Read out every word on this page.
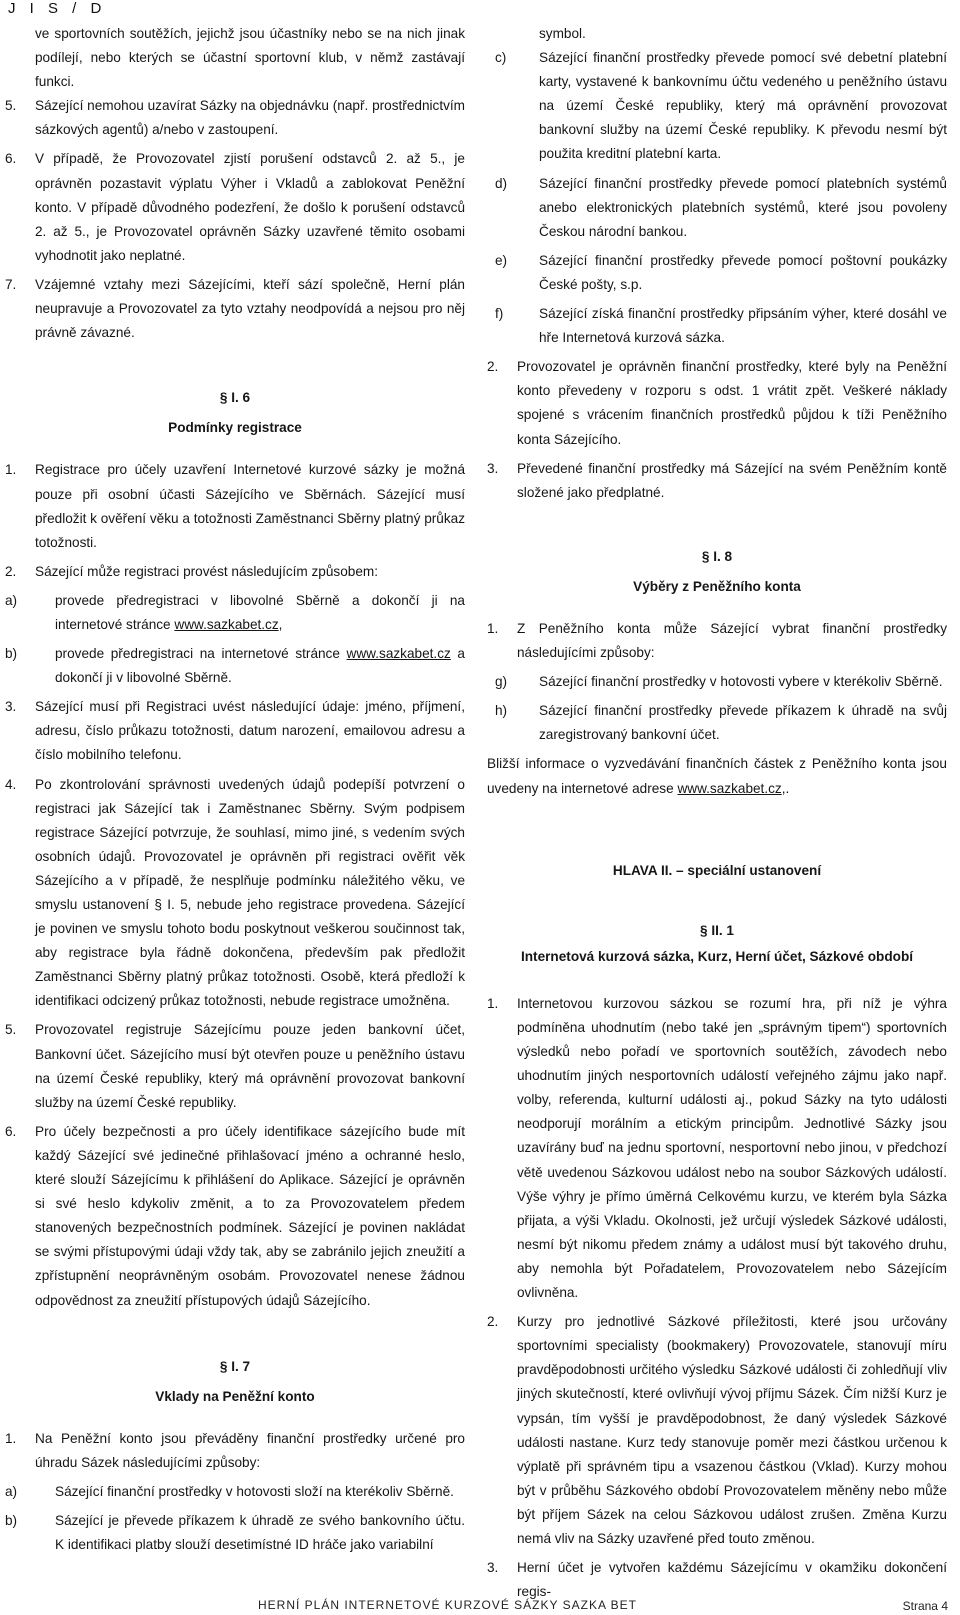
J I S / D

ve sportovních soutěžích, jejichž jsou účastníky nebo se na nich jinak podílejí, nebo kterých se účastní sportovní klub, v němž zastávají funkci.

5.	Sázející nemohou uzavírat Sázky na objednávku (např. prostřednictvím sázkových agentů) a/nebo v zastoupení.
6.	V případě, že Provozovatel zjistí porušení odstavců 2. až 5., je oprávněn pozastavit výplatu Výher i Vkladů a zablokovat Peněžní konto. V případě důvodného podezření, že došlo k porušení odstavců 2. až 5., je Provozovatel oprávněn Sázky uzavřené těmito osobami vyhodnotit jako neplatné.
7.	Vzájemné vztahy mezi Sázejícími, kteří sází společně, Herní plán neupravuje a Provozovatel za tyto vztahy neodpovídá a nejsou pro něj právně závazné.

§ I. 6

Podmínky registrace

1.	Registrace pro účely uzavření Internetové kurzové sázky je možná pouze při osobní účasti Sázejícího ve Sběrnách. Sázející musí předložit k ověření věku a totožnosti Zaměstnanci Sběrny platný průkaz totožnosti.
2.	Sázející může registraci provést následujícím způsobem:
a)	provede předregistraci v libovolné Sběrně a dokončí ji na internetové stránce www.sazkabet.cz,
b)	provede předregistraci na internetové stránce www.sazkabet.cz a dokončí ji v libovolné Sběrně.
3.	Sázející musí při Registraci uvést následující údaje: jméno, příjmení, adresu, číslo průkazu totožnosti, datum narození, emailovou adresu a číslo mobilního telefonu.
4.	Po zkontrolování správnosti uvedených údajů podepíší potvrzení o registraci jak Sázející tak i Zaměstnanec Sběrny. Svým podpisem registrace Sázející potvrzuje, že souhlasí, mimo jiné, s vedením svých osobních údajů. Provozovatel je oprávněn při registraci ověřit věk Sázejícího a v případě, že nesplňuje podmínku náležitého věku, ve smyslu ustanovení § I. 5, nebude jeho registrace provedena. Sázející je povinen ve smyslu tohoto bodu poskytnout veškerou součinnost tak, aby registrace byla řádně dokončena, především pak předložit Zaměstnanci Sběrny platný průkaz totožnosti. Osobě, která předloží k identifikaci odcizený průkaz totožnosti, nebude registrace umožněna.
5.	Provozovatel registruje Sázejícímu pouze jeden bankovní účet, Bankovní účet. Sázejícího musí být otevřen pouze u peněžního ústavu na území České republiky, který má oprávnění provozovat bankovní služby na území České republiky.
6.	Pro účely bezpečnosti a pro účely identifikace sázejícího bude mít každý Sázející své jedinečné přihlašovací jméno a ochranné heslo, které slouží Sázejícímu k přihlášení do Aplikace. Sázející je oprávněn si své heslo kdykoliv změnit, a to za Provozovatelem předem stanovených bezpečnostních podmínek. Sázející je povinen nakládat se svými přístupovými údaji vždy tak, aby se zabránilo jejich zneužití a zpřístupnění neoprávněným osobám. Provozovatel nenese žádnou odpovědnost za zneužití přístupových údajů Sázejícího.

§ I. 7

Vklady na Peněžní konto

1.	Na Peněžní konto jsou převáděny finanční prostředky určené pro úhradu Sázek následujícími způsoby:
a)	Sázející finanční prostředky v hotovosti složí na kterékoliv Sběrně.
b)	Sázející je převede příkazem k úhradě ze svého bankovního účtu. K identifikaci platby slouží desetimístné ID hráče jako variabilní

symbol.

c)	Sázející finanční prostředky převede pomocí své debetní platební karty, vystavené k bankovnímu účtu vedeného u peněžního ústavu na území České republiky, který má oprávnění provozovat bankovní služby na území České republiky. K převodu nesmí být použita kreditní platební karta.
d)	Sázející finanční prostředky převede pomocí platebních systémů anebo elektronických platebních systémů, které jsou povoleny Českou národní bankou.
e)	Sázející finanční prostředky převede pomocí poštovní poukázky České pošty, s.p.
f)	Sázející získá finanční prostředky připsáním výher, které dosáhl ve hře Internetová kurzová sázka.
2.	Provozovatel je oprávněn finanční prostředky, které byly na Peněžní konto převedeny v rozporu s odst. 1 vrátit zpět. Veškeré náklady spojené s vrácením finančních prostředků půjdou k tíži Peněžního konta Sázejícího.
3.	Převedené finanční prostředky má Sázející na svém Peněžním kontě složené jako předplatné.

§ I. 8

Výběry z Peněžního konta

1.	Z Peněžního konta může Sázející vybrat finanční prostředky následujícími způsoby:
g)	Sázející finanční prostředky v hotovosti vybere v kterékoliv Sběrně.
h)	Sázející finanční prostředky převede příkazem k úhradě na svůj zaregistrovaný bankovní účet.

Bližší informace o vyzvedávání finančních částek z Peněžního konta jsou uvedeny na internetové adrese www.sazkabet.cz,.

HLAVA II. – speciální ustanovení

§ II. 1

Internetová kurzová sázka, Kurz, Herní účet, Sázkové období

1.	Internetovou kurzovou sázkou se rozumí hra, při níž je výhra podmíněna uhodnutím (nebo také jen „správným tipem“) sportovních výsledků nebo pořadí ve sportovních soutěžích, závodech nebo uhodnutím jiných nesportovních událostí veřejného zájmu jako např. volby, referenda, kulturní události aj., pokud Sázky na tyto události neodporují morálním a etickým principům. Jednotlivé Sázky jsou uzavírány buď na jednu sportovní, nesportovní nebo jinou, v předchozí větě uvedenou Sázkovou událost nebo na soubor Sázkových událostí. Výše výhry je přímo úměrná Celkovému kurzu, ve kterém byla Sázka přijata, a výši Vkladu. Okolnosti, jež určují výsledek Sázkové události, nesmí být nikomu předem známy a událost musí být takového druhu, aby nemohla být Pořadatelem, Provozovatelem nebo Sázejícím ovlivněna.
2.	Kurzy pro jednotlivé Sázkové příležitosti, které jsou určovány sportovními specialisty (bookmakery) Provozovatele, stanovují míru pravděpodobnosti určitého výsledku Sázkové události či zohledňují vliv jiných skutečností, které ovlivňují vývoj příjmu Sázek. Čím nižší Kurz je vypsán, tím vyšší je pravděpodobnost, že daný výsledek Sázkové události nastane. Kurz tedy stanovuje poměr mezi částkou určenou k výplatě při správném tipu a vsazenou částkou (Vklad). Kurzy mohou být v průběhu Sázkového období Provozovatelem měněny nebo může být příjem Sázek na celou Sázkovou událost zrušen. Změna Kurzu nemá vliv na Sázky uzavřené před touto změnou.
3.	Herní účet je vytvořen každému Sázejícímu v okamžiku dokončení regis-
HERNÍ PLÁN INTERNETOVÉ KURZOVÉ SÁZKY SAZKA BET	Strana 4
